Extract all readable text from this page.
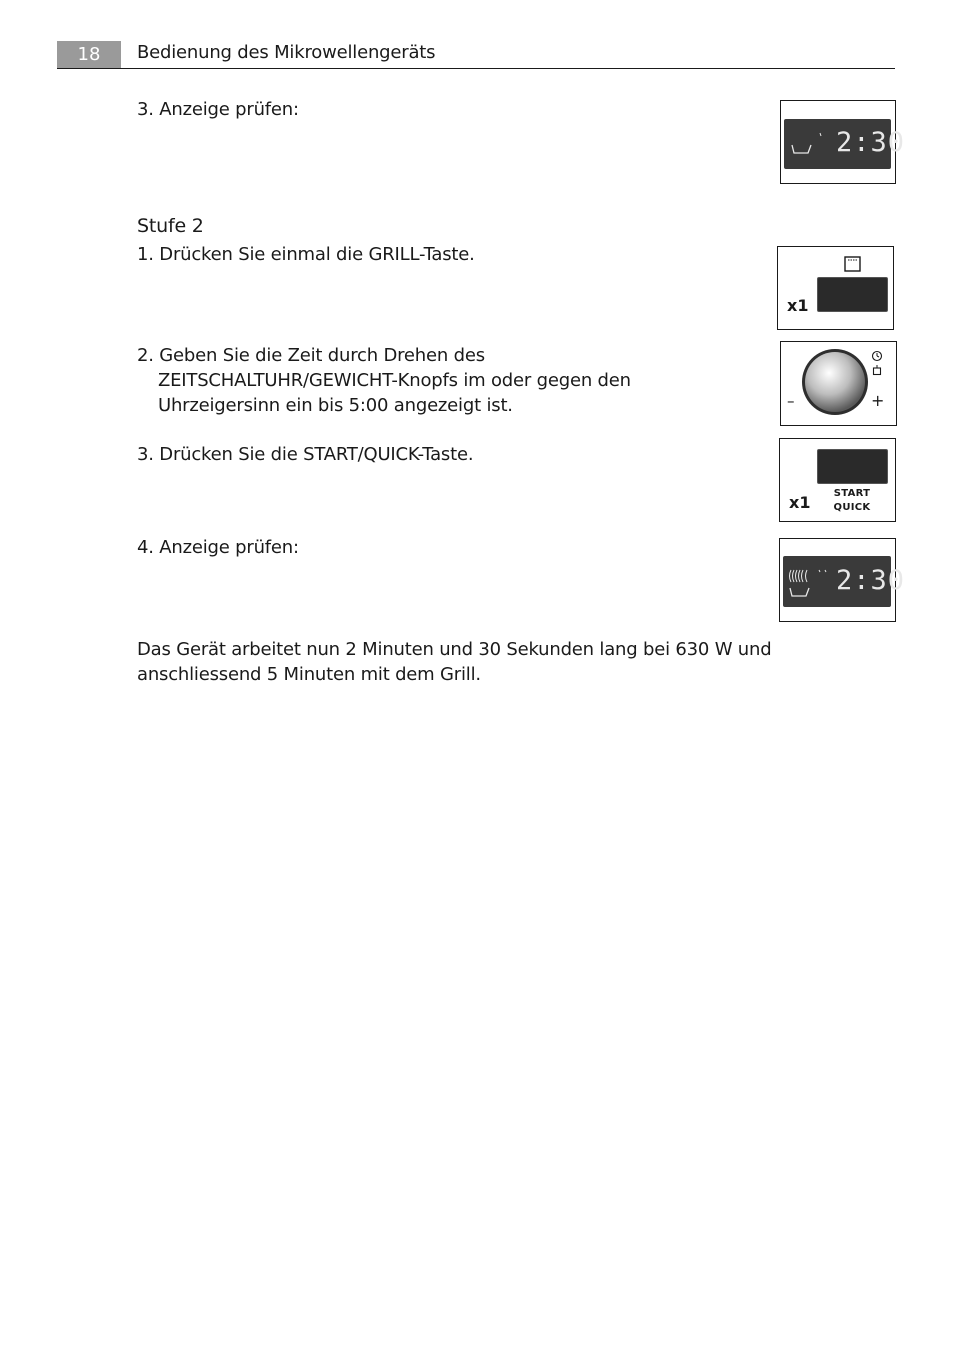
18	Bedienung des Mikrowellengeräts
3. Anzeige prüfen:
2:30
Stufe 2
1. Drücken Sie einmal die GRILL-Taste.
x1
2. Geben Sie die Zeit durch Drehen des
ZEITSCHALTUHR/GEWICHT-Knopfs im oder gegen den
Uhrzeigersinn ein bis 5:00 angezeigt ist.	–	+
3. Drücken Sie die START/QUICK-Taste.
x1	START
QUICK
4. Anzeige prüfen:
2:30
Das Gerät arbeitet nun 2 Minuten und 30 Sekunden lang bei 630 W und anschliessend 5 Minuten mit dem Grill.
